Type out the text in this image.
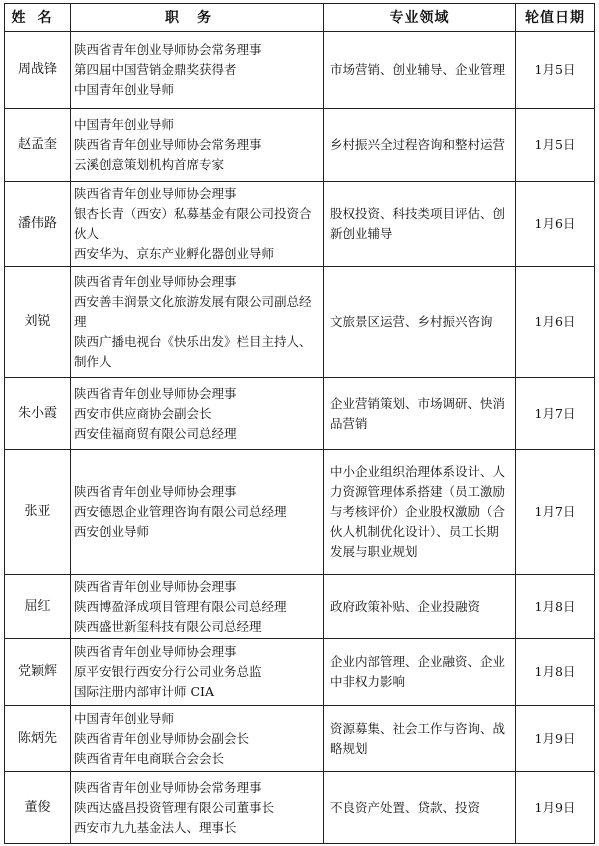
姓名	职务	专业领域	轮值日期
周战锋	陕西省青年创业导师协会常务理事
第四届中国营销金鼎奖获得者
中国青年创业导师	市场营销、创业辅导、企业管理	1月5日
赵孟奎	中国青年创业导师
陕西省青年创业导师协会常务理事
云溪创意策划机构首席专家	乡村振兴全过程咨询和整村运营	1月5日
潘伟路	陕西省青年创业导师协会理事
银杏长青（西安）私募基金有限公司投资合伙人
西安华为、京东产业孵化器创业导师	股权投资、科技类项目评估、创新创业辅导	1月6日
刘锐	陕西省青年创业导师协会理事
西安善丰润景文化旅游发展有限公司副总经理
陕西广播电视台《快乐出发》栏目主持人、制作人	文旅景区运营、乡村振兴咨询	1月6日
朱小霞	陕西省青年创业导师协会理事
西安市供应商协会副会长
西安佳福商贸有限公司总经理	企业营销策划、市场调研、快消品营销	1月7日
张亚	陕西省青年创业导师协会理事
西安德恩企业管理咨询有限公司总经理
西安创业导师	中小企业组织治理体系设计、人力资源管理体系搭建（员工激励与考核评价）企业股权激励（合伙人机制优化设计）、员工长期发展与职业规划	1月7日
屈红	陕西省青年创业导师协会理事
陕西博盈泽成项目管理有限公司总经理
陕西盛世新玺科技有限公司总经理	政府政策补贴、企业投融资	1月8日
党颖辉	陕西省青年创业导师协会理事
原平安银行西安分行公司业务总监
国际注册内部审计师 CIA	企业内部管理、企业融资、企业中非权力影响	1月8日
陈炳先	中国青年创业导师
陕西省青年创业导师协会副会长
陕西省青年电商联合会会长	资源募集、社会工作与咨询、战略规划	1月9日
董俊	陕西省青年创业导师协会常务理事
陕西达盛昌投资管理有限公司董事长
西安市九九基金法人、理事长	不良资产处置、贷款、投资	1月9日
